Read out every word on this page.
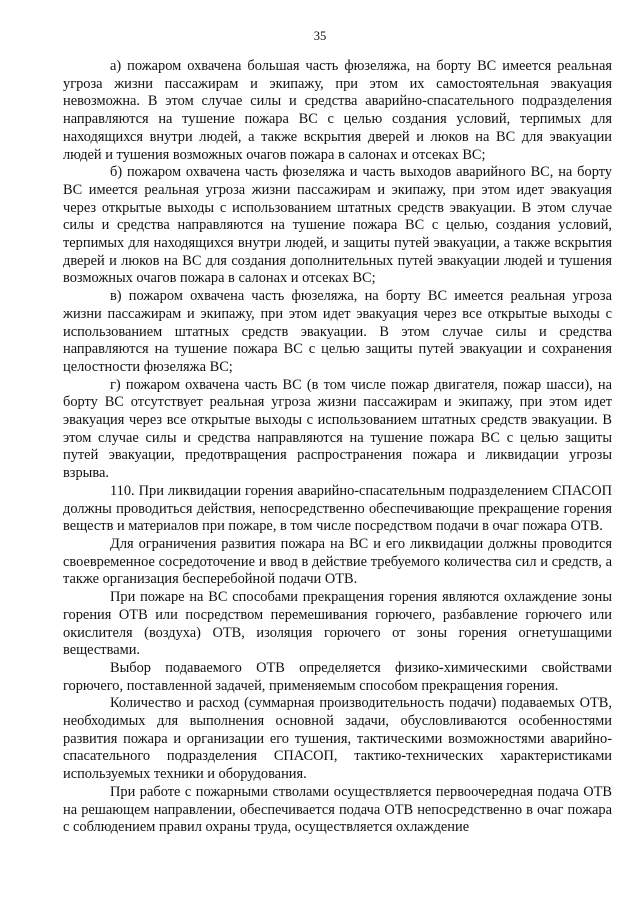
35

а) пожаром охвачена большая часть фюзеляжа, на борту ВС имеется реальная угроза жизни пассажирам и экипажу, при этом их самостоятельная эвакуация невозможна. В этом случае силы и средства аварийно-спасательного подразделения направляются на тушение пожара ВС с целью создания условий, терпимых для находящихся внутри людей, а также вскрытия дверей и люков на ВС для эвакуации людей и тушения возможных очагов пожара в салонах и отсеках ВС;

б) пожаром охвачена часть фюзеляжа и часть выходов аварийного ВС, на борту ВС имеется реальная угроза жизни пассажирам и экипажу, при этом идет эвакуация через открытые выходы с использованием штатных средств эвакуации. В этом случае силы и средства направляются на тушение пожара ВС с целью, создания условий, терпимых для находящихся внутри людей, и защиты путей эвакуации, а также вскрытия дверей и люков на ВС для создания дополнительных путей эвакуации людей и тушения возможных очагов пожара в салонах и отсеках ВС;

в) пожаром охвачена часть фюзеляжа, на борту ВС имеется реальная угроза жизни пассажирам и экипажу, при этом идет эвакуация через все открытые выходы с использованием штатных средств эвакуации. В этом случае силы и средства направляются на тушение пожара ВС с целью защиты путей эвакуации и сохранения целостности фюзеляжа ВС;

г) пожаром охвачена часть ВС (в том числе пожар двигателя, пожар шасси), на борту ВС отсутствует реальная угроза жизни пассажирам и экипажу, при этом идет эвакуация через все открытые выходы с использованием штатных средств эвакуации. В этом случае силы и средства направляются на тушение пожара ВС с целью защиты путей эвакуации, предотвращения распространения пожара и ликвидации угрозы взрыва.

110. При ликвидации горения аварийно-спасательным подразделением СПАСОП должны проводиться действия, непосредственно обеспечивающие прекращение горения веществ и материалов при пожаре, в том числе посредством подачи в очаг пожара ОТВ.

Для ограничения развития пожара на ВС и его ликвидации должны проводится своевременное сосредоточение и ввод в действие требуемого количества сил и средств, а также организация бесперебойной подачи ОТВ.

При пожаре на ВС способами прекращения горения являются охлаждение зоны горения ОТВ или посредством перемешивания горючего, разбавление горючего или окислителя (воздуха) ОТВ, изоляция горючего от зоны горения огнетушащими веществами.

Выбор подаваемого ОТВ определяется физико-химическими свойствами горючего, поставленной задачей, применяемым способом прекращения горения.

Количество и расход (суммарная производительность подачи) подаваемых ОТВ, необходимых для выполнения основной задачи, обусловливаются особенностями развития пожара и организации его тушения, тактическими возможностями аварийно-спасательного подразделения СПАСОП, тактико-технических характеристиками используемых техники и оборудования.

При работе с пожарными стволами осуществляется первоочередная подача ОТВ на решающем направлении, обеспечивается подача ОТВ непосредственно в очаг пожара с соблюдением правил охраны труда, осуществляется охлаждение
